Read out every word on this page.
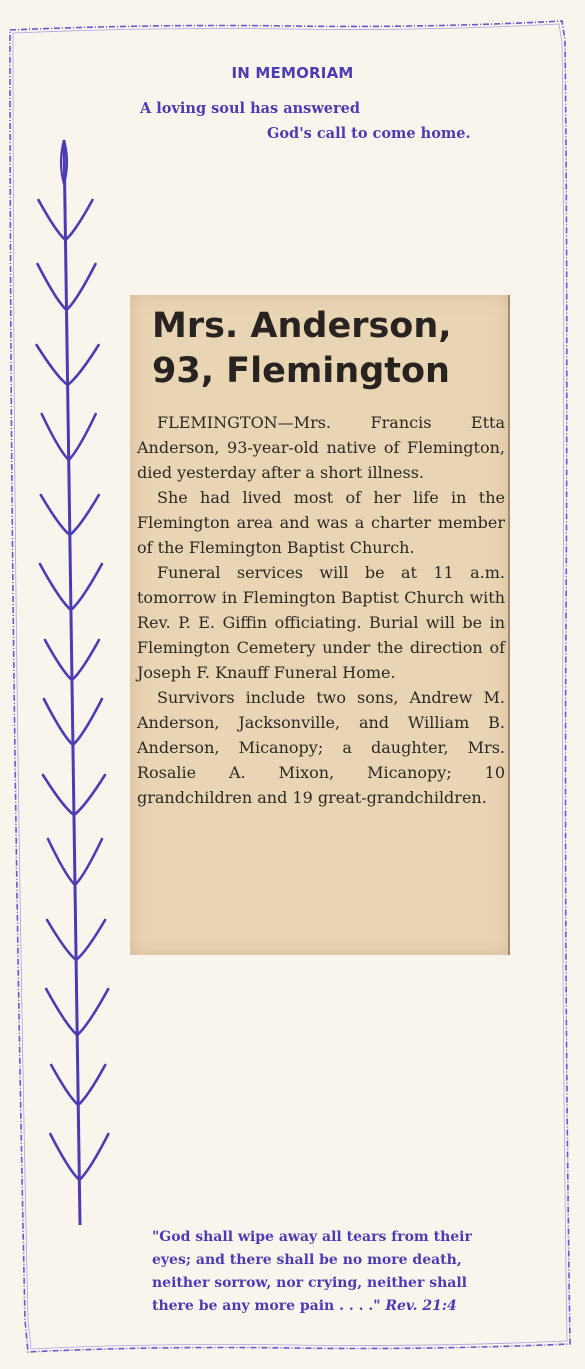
IN MEMORIAM
A loving soul has answered
God's call to come home.
Mrs. Anderson,
93, Flemington

FLEMINGTON—Mrs. Francis Etta Anderson, 93-year-old native of Flemington, died yesterday after a short illness.

She had lived most of her life in the Flemington area and was a charter member of the Flemington Baptist Church.

Funeral services will be at 11 a.m. tomorrow in Flemington Baptist Church with Rev. P. E. Giffin officiating. Burial will be in Flemington Cemetery under the direction of Joseph F. Knauff Funeral Home.

Survivors include two sons, Andrew M. Anderson, Jacksonville, and William B. Anderson, Micanopy; a daughter, Mrs. Rosalie A. Mixon, Micanopy; 10 grandchildren and 19 great-grandchildren.

"God shall wipe away all tears from their
eyes; and there shall be no more death,
neither sorrow, nor crying, neither shall
there be any more pain . . . ." Rev. 21:4
